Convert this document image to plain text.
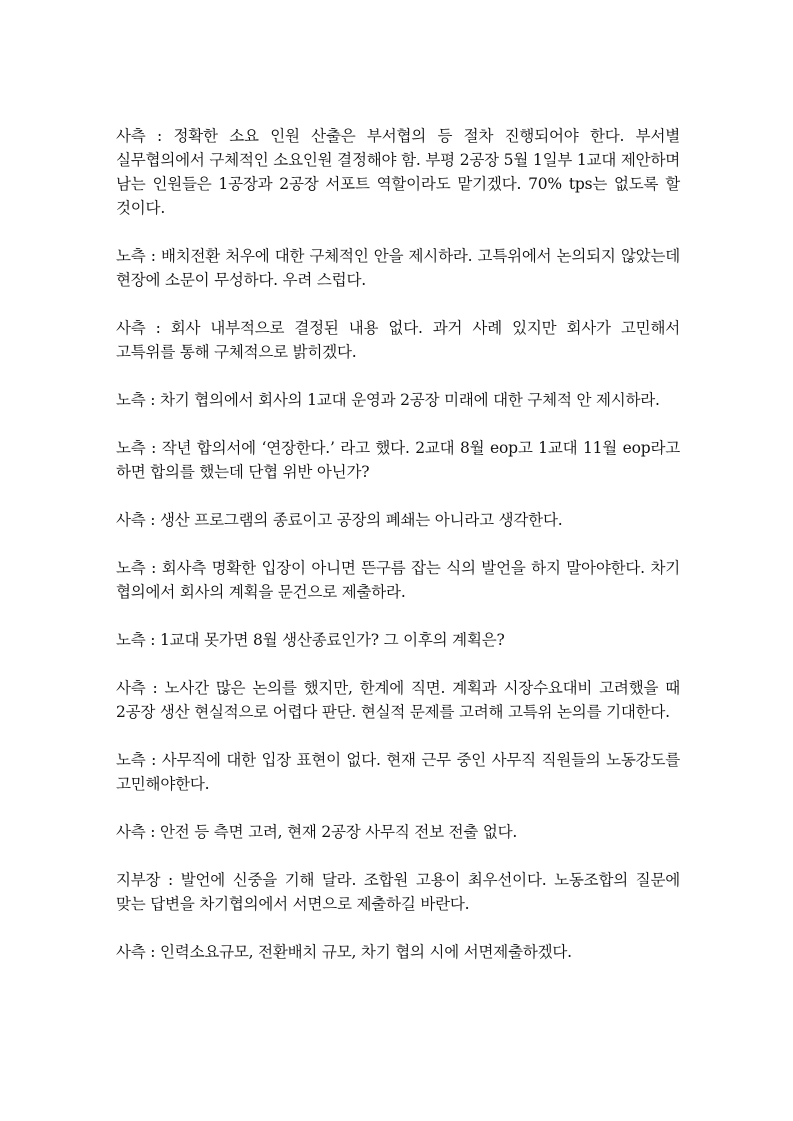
사측 : 정확한 소요 인원 산출은 부서협의 등 절차 진행되어야 한다. 부서별 실무협의에서 구체적인 소요인원 결정해야 함. 부평 2공장 5월 1일부 1교대 제안하며 남는 인원들은 1공장과 2공장 서포트 역할이라도 맡기겠다. 70% tps는 없도록 할 것이다.

노측 : 배치전환 처우에 대한 구체적인 안을 제시하라. 고특위에서 논의되지 않았는데 현장에 소문이 무성하다. 우려 스럽다.

사측 : 회사 내부적으로 결정된 내용 없다. 과거 사례 있지만 회사가 고민해서 고특위를 통해 구체적으로 밝히겠다.

노측 : 차기 협의에서 회사의 1교대 운영과 2공장 미래에 대한 구체적 안 제시하라.

노측 : 작년 합의서에 ‘연장한다.’ 라고 했다. 2교대 8월 eop고 1교대 11월 eop라고 하면 합의를 했는데 단협 위반 아닌가?

사측 : 생산 프로그램의 종료이고 공장의 폐쇄는 아니라고 생각한다.

노측 : 회사측 명확한 입장이 아니면 뜬구름 잡는 식의 발언을 하지 말아야한다. 차기 협의에서 회사의 계획을 문건으로 제출하라.

노측 : 1교대 못가면 8월 생산종료인가? 그 이후의 계획은?

사측 : 노사간 많은 논의를 했지만, 한계에 직면. 계획과 시장수요대비 고려했을 때 2공장 생산 현실적으로 어렵다 판단. 현실적 문제를 고려해 고특위 논의를 기대한다.

노측 : 사무직에 대한 입장 표현이 없다. 현재 근무 중인 사무직 직원들의 노동강도를 고민해야한다.

사측 : 안전 등 측면 고려, 현재 2공장 사무직 전보 전출 없다.

지부장 : 발언에 신중을 기해 달라. 조합원 고용이 최우선이다. 노동조합의 질문에 맞는 답변을 차기협의에서 서면으로 제출하길 바란다.

사측 : 인력소요규모, 전환배치 규모, 차기 협의 시에 서면제출하겠다.
